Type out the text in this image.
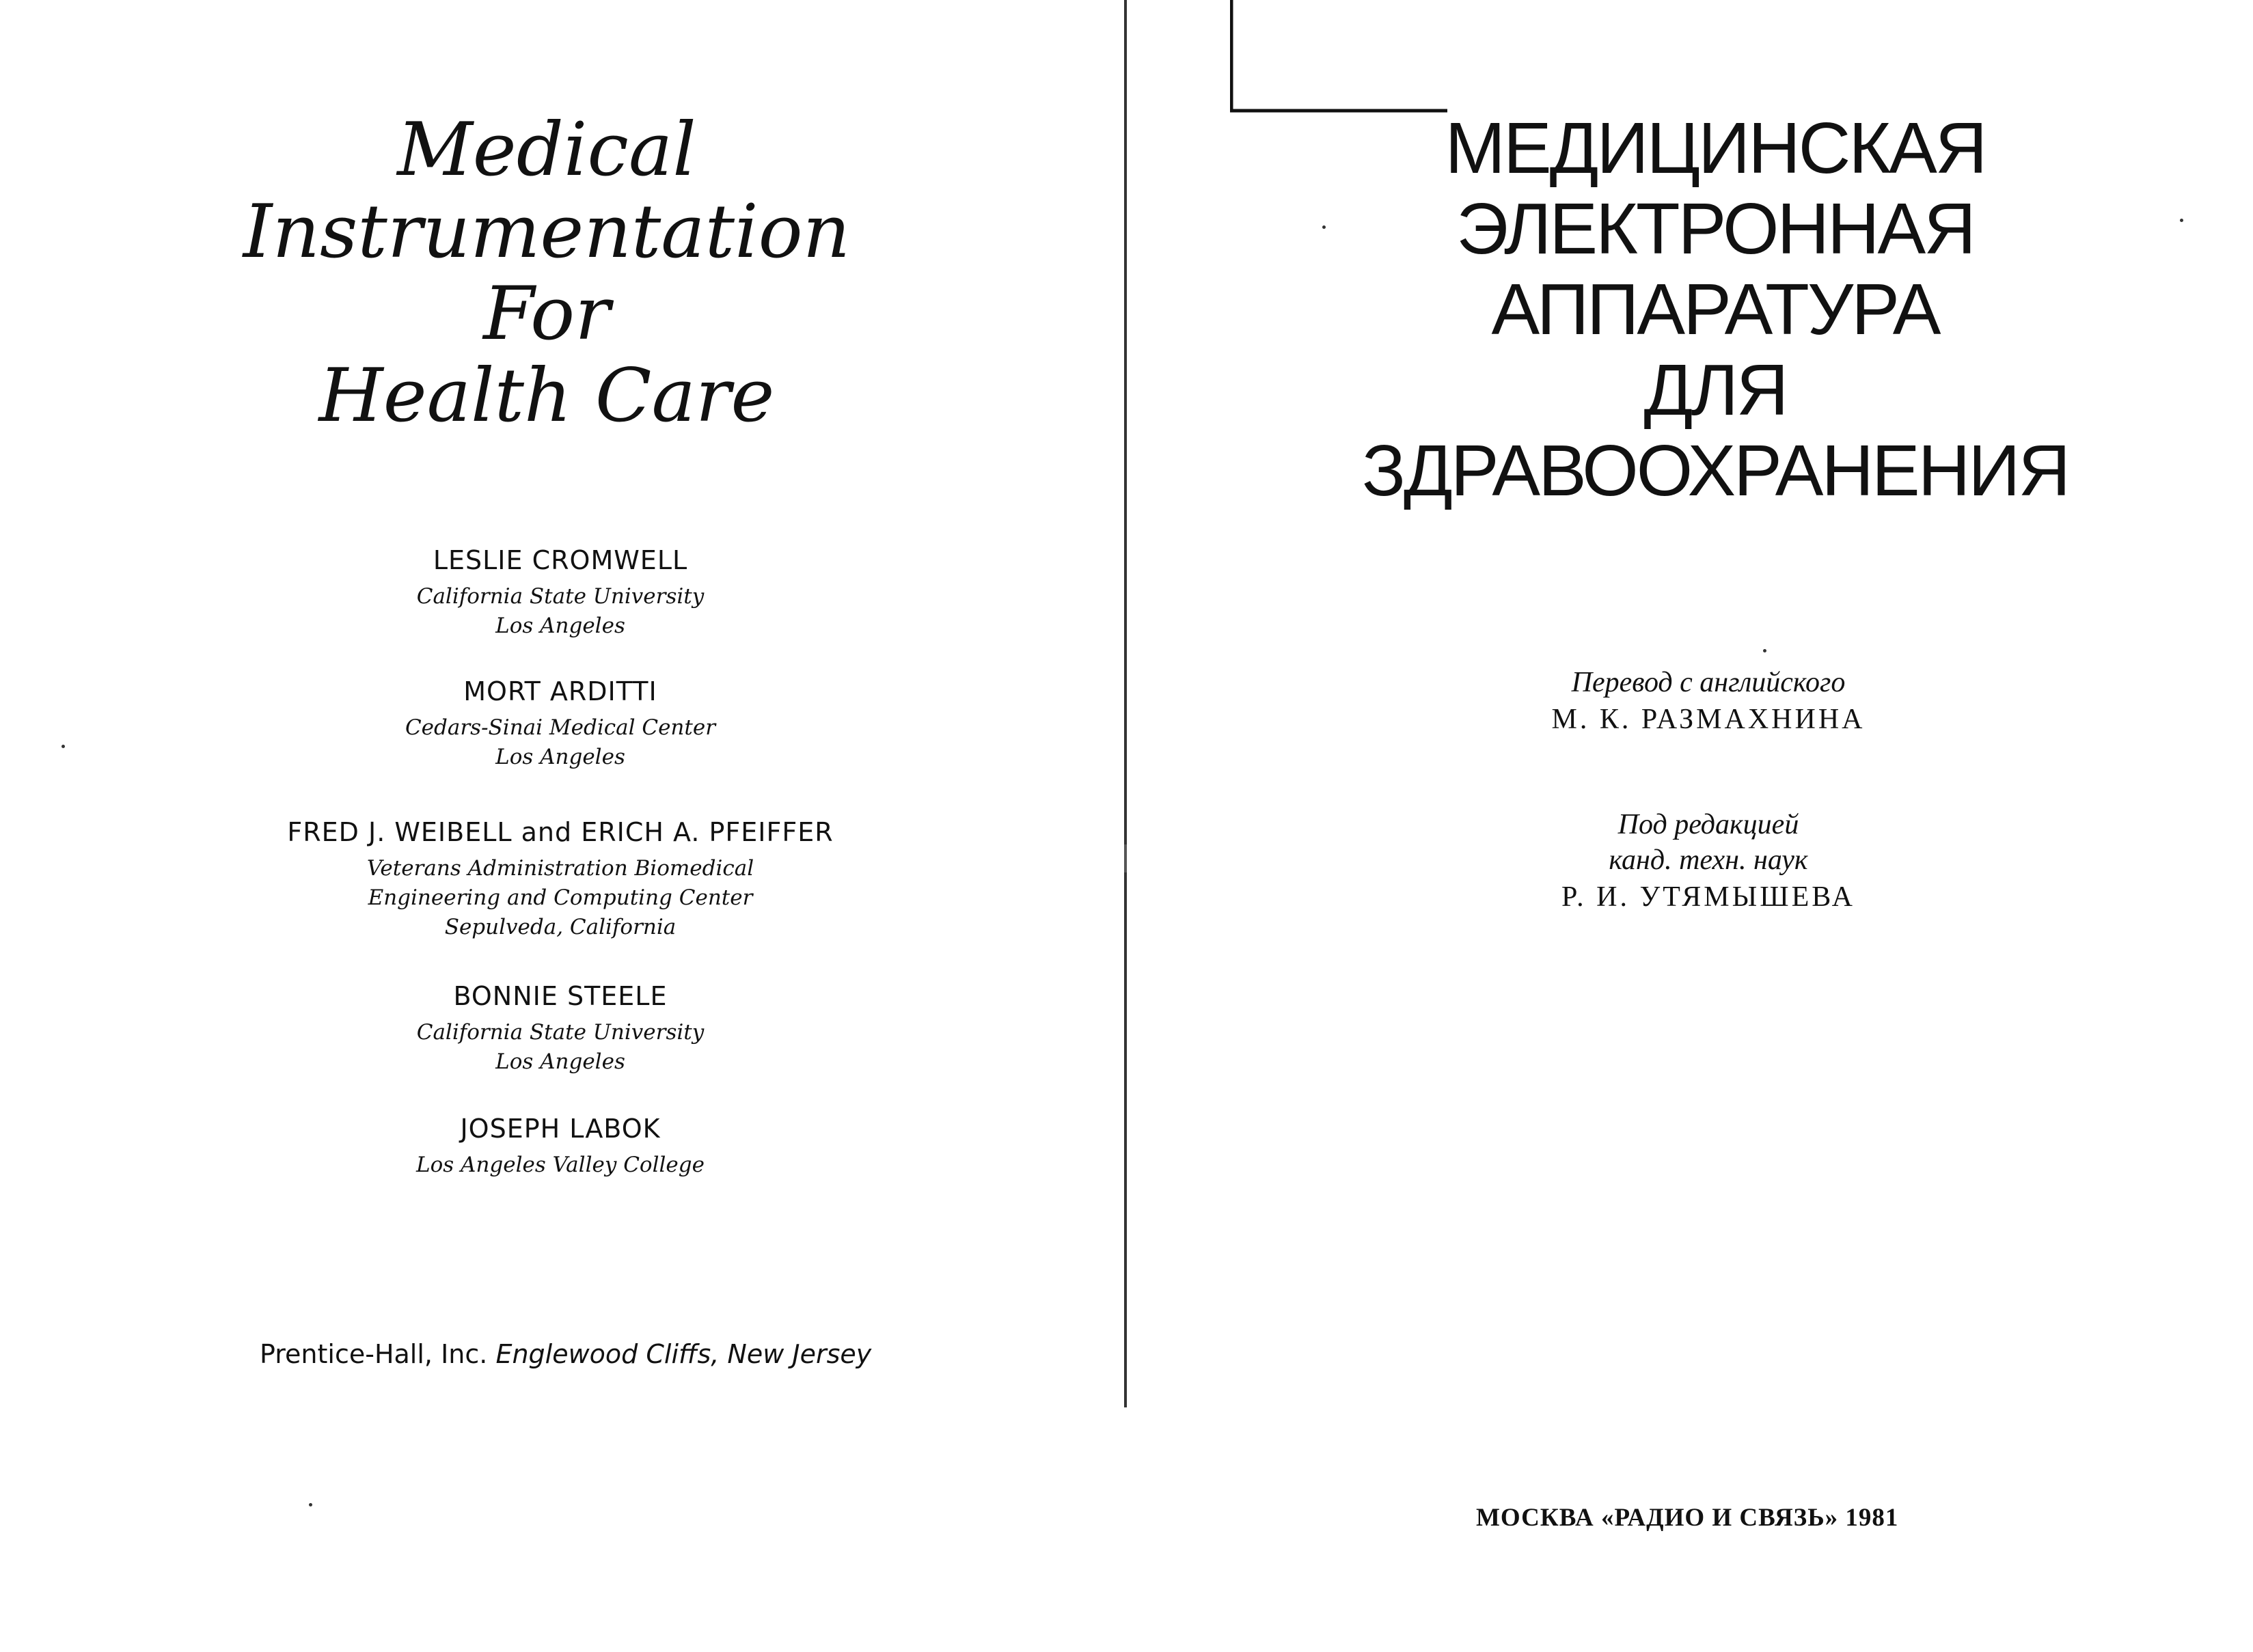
Medical
Instrumentation
For
Health Care
LESLIE CROMWELL
California State University
Los Angeles
MORT ARDITTI
Cedars-Sinai Medical Center
Los Angeles
FRED J. WEIBELL and ERICH A. PFEIFFER
Veterans Administration Biomedical
Engineering and Computing Center
Sepulveda, California
BONNIE STEELE
California State University
Los Angeles
JOSEPH LABOK
Los Angeles Valley College
Prentice-Hall, Inc. Englewood Cliffs, New Jersey
МЕДИЦИНСКАЯ
ЭЛЕКТРОННАЯ
АППАРАТУРА
ДЛЯ
ЗДРАВООХРАНЕНИЯ
Перевод с английского
М. К. РАЗМАХНИНА
Под редакцией
канд. техн. наук
Р. И. УТЯМЫШЕВА
МОСКВА «РАДИО И СВЯЗЬ» 1981
